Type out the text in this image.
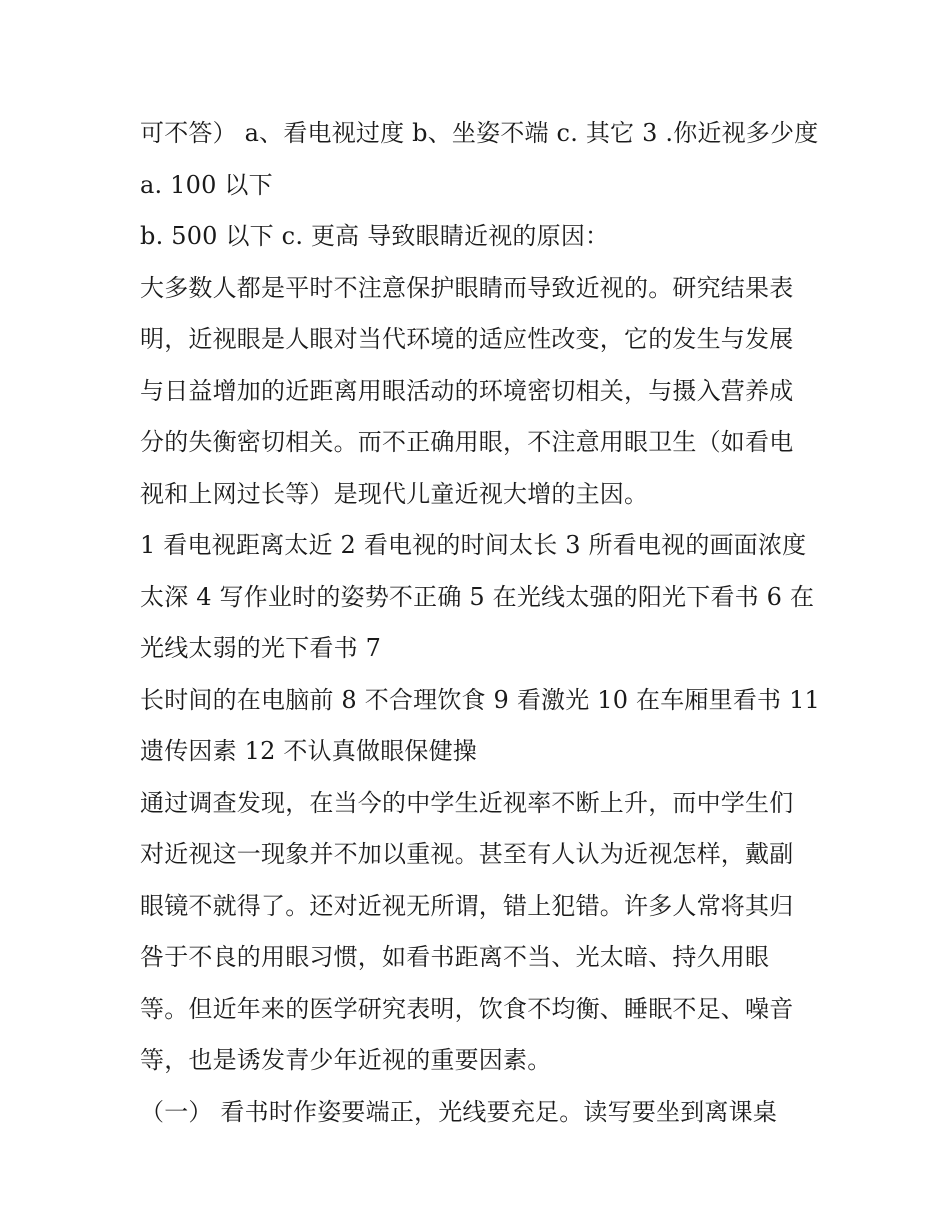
可不答） a、看电视过度 b、坐姿不端 c. 其它 3 .你近视多少度
a. 100 以下
b. 500 以下 c. 更高 导致眼睛近视的原因：
大多数人都是平时不注意保护眼睛而导致近视的。研究结果表
明，近视眼是人眼对当代环境的适应性改变，它的发生与发展
与日益增加的近距离用眼活动的环境密切相关，与摄入营养成
分的失衡密切相关。而不正确用眼，不注意用眼卫生（如看电
视和上网过长等）是现代儿童近视大增的主因。
1 看电视距离太近 2 看电视的时间太长 3 所看电视的画面浓度
太深 4 写作业时的姿势不正确 5 在光线太强的阳光下看书 6 在
光线太弱的光下看书 7
长时间的在电脑前 8 不合理饮食 9 看激光 10 在车厢里看书 11
遗传因素 12 不认真做眼保健操
通过调查发现，在当今的中学生近视率不断上升，而中学生们
对近视这一现象并不加以重视。甚至有人认为近视怎样，戴副
眼镜不就得了。还对近视无所谓，错上犯错。许多人常将其归
咎于不良的用眼习惯，如看书距离不当、光太暗、持久用眼
等。但近年来的医学研究表明，饮食不均衡、睡眠不足、噪音
等，也是诱发青少年近视的重要因素。
（一） 看书时作姿要端正，光线要充足。读写要坐到离课桌
